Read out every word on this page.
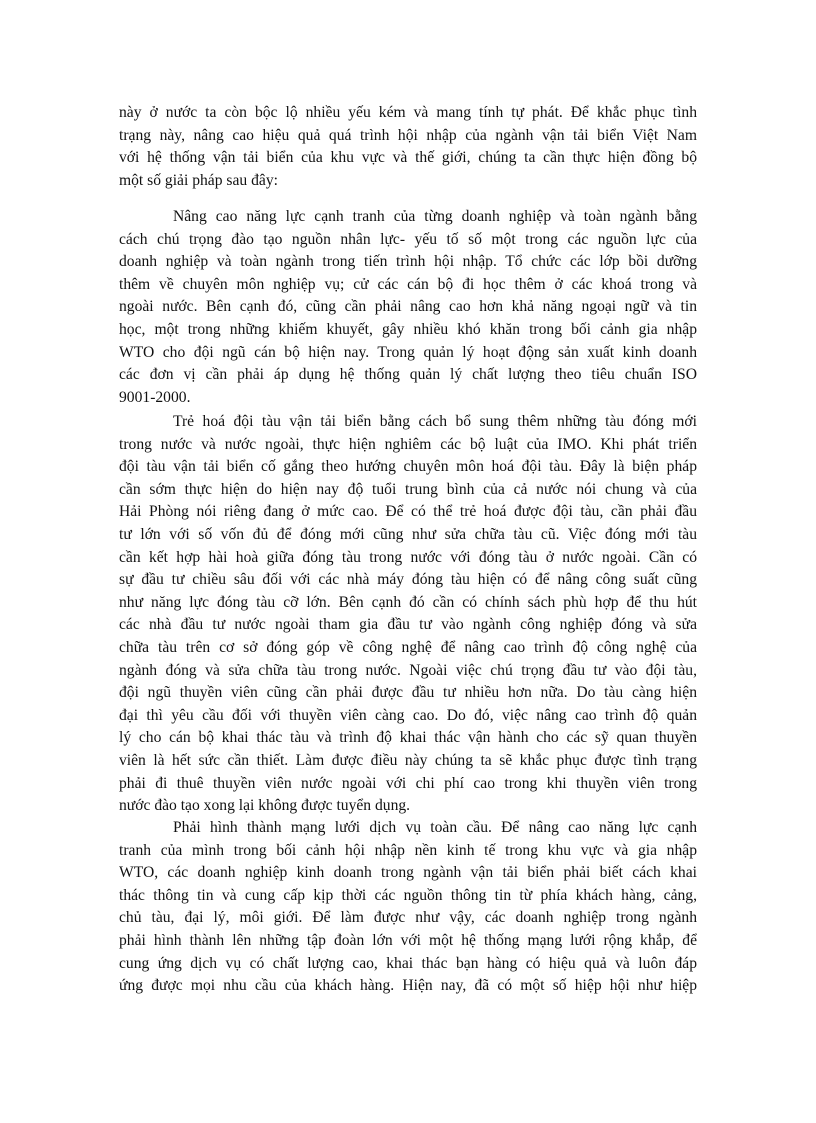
này ở nước ta còn bộc lộ nhiều yếu kém và mang tính tự phát. Để khắc phục tình
trạng này, nâng cao hiệu quả quá trình hội nhập của ngành vận tải biển Việt Nam
với hệ thống vận tải biển của khu vực và thế giới, chúng ta cần thực hiện đồng bộ
một số giải pháp sau đây:
Nâng cao năng lực cạnh tranh của từng doanh nghiệp và toàn ngành bằng
cách chú trọng đào tạo nguồn nhân lực- yếu tố số một trong các nguồn lực của
doanh nghiệp và toàn ngành trong tiến trình hội nhập. Tổ chức các lớp bồi dưỡng
thêm về chuyên môn nghiệp vụ; cử các cán bộ đi học thêm ở các khoá trong và
ngoài nước. Bên cạnh đó, cũng cần phải nâng cao hơn khả năng ngoại ngữ và tin
học, một trong những khiếm khuyết, gây nhiều khó khăn trong bối cảnh gia nhập
WTO cho đội ngũ cán bộ hiện nay. Trong quản lý hoạt động sản xuất kinh doanh
các đơn vị cần phải áp dụng hệ thống quản lý chất lượng theo tiêu chuẩn ISO
9001-2000.
Trẻ hoá đội tàu vận tải biển bằng cách bổ sung thêm những tàu đóng mới
trong nước và nước ngoài, thực hiện nghiêm các bộ luật của IMO. Khi phát triển
đội tàu vận tải biển cố gắng theo hướng chuyên môn hoá đội tàu. Đây là biện pháp
cần sớm thực hiện do hiện nay độ tuổi trung bình của cả nước nói chung và của
Hải Phòng nói riêng đang ở mức cao. Để có thể trẻ hoá được đội tàu, cần phải đầu
tư lớn với số vốn đủ để đóng mới cũng như sửa chữa tàu cũ. Việc đóng mới tàu
cần kết hợp hài hoà giữa đóng tàu trong nước với đóng tàu ở nước ngoài. Cần có
sự đầu tư chiều sâu đối với các nhà máy đóng tàu hiện có để nâng công suất cũng
như năng lực đóng tàu cỡ lớn. Bên cạnh đó cần có chính sách phù hợp để thu hút
các nhà đầu tư nước ngoài tham gia đầu tư vào ngành công nghiệp đóng và sửa
chữa tàu trên cơ sở đóng góp về công nghệ để nâng cao trình độ công nghệ của
ngành đóng và sửa chữa tàu trong nước. Ngoài việc chú trọng đầu tư vào đội tàu,
đội ngũ thuyền viên cũng cần phải được đầu tư nhiều hơn nữa. Do tàu càng hiện
đại thì yêu cầu đối với thuyền viên càng cao. Do đó, việc nâng cao trình độ quản
lý cho cán bộ khai thác tàu và trình độ khai thác vận hành cho các sỹ quan thuyền
viên là hết sức cần thiết. Làm được điều này chúng ta sẽ khắc phục được tình trạng
phải đi thuê thuyền viên nước ngoài với chi phí cao trong khi thuyền viên trong
nước đào tạo xong lại không được tuyển dụng.
Phải hình thành mạng lưới dịch vụ toàn cầu. Để nâng cao năng lực cạnh
tranh của mình trong bối cảnh hội nhập nền kinh tế trong khu vực và gia nhập
WTO, các doanh nghiệp kinh doanh trong ngành vận tải biển phải biết cách khai
thác thông tin và cung cấp kịp thời các nguồn thông tin từ phía khách hàng, cảng,
chủ tàu, đại lý, môi giới. Để làm được như vậy, các doanh nghiệp trong ngành
phải hình thành lên những tập đoàn lớn với một hệ thống mạng lưới rộng khắp, để
cung ứng dịch vụ có chất lượng cao, khai thác bạn hàng có hiệu quả và luôn đáp
ứng được mọi nhu cầu của khách hàng. Hiện nay, đã có một số hiệp hội như hiệp
